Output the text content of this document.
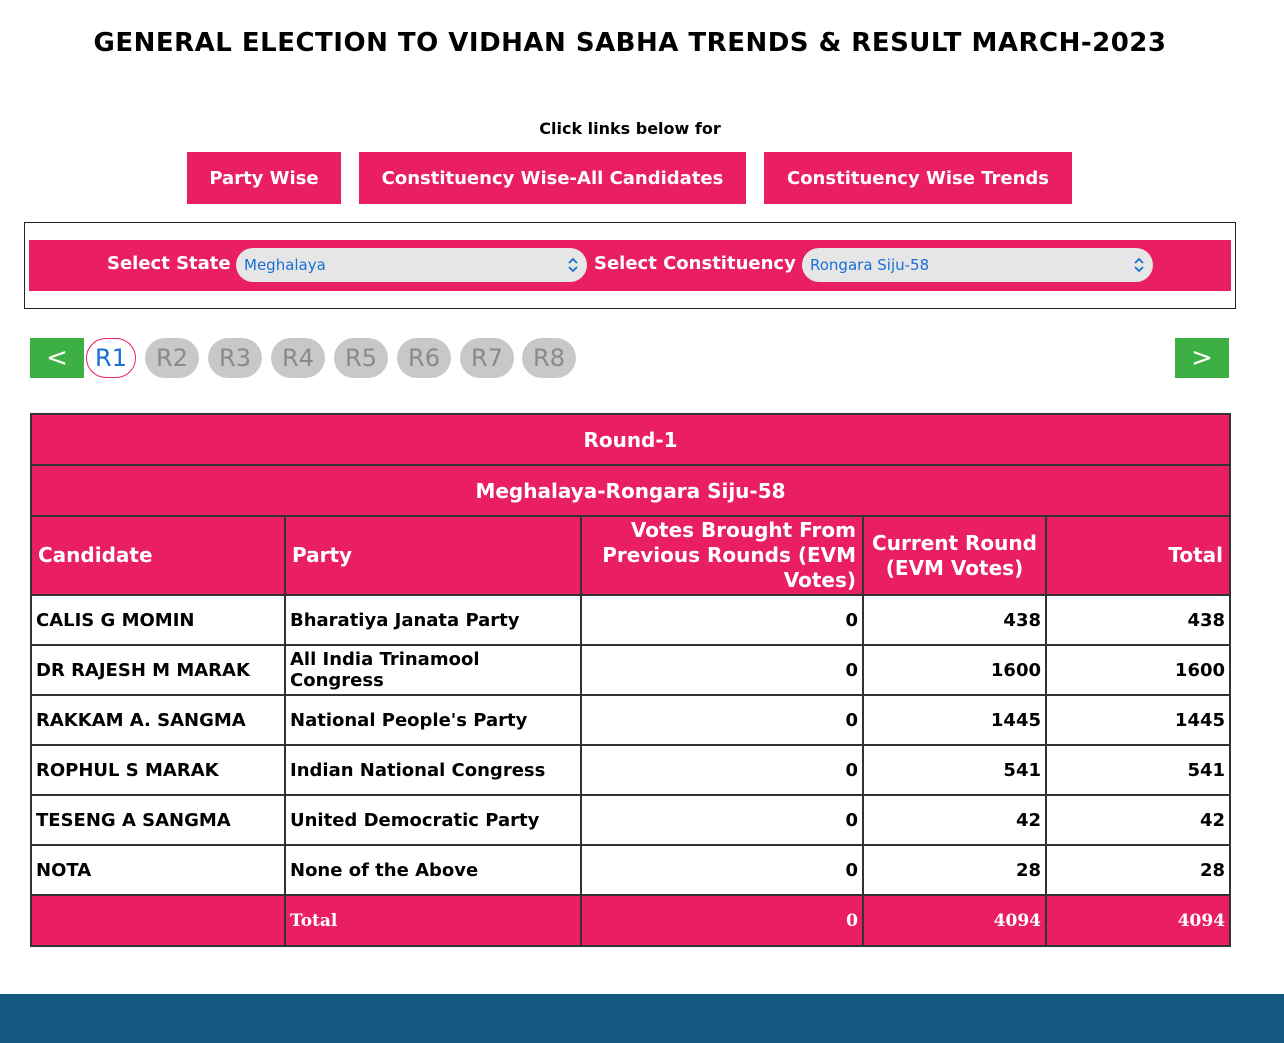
GENERAL ELECTION TO VIDHAN SABHA TRENDS & RESULT MARCH-2023
Click links below for
Party Wise	Constituency Wise-All Candidates	Constituency Wise Trends
Select State Meghalaya	Select Constituency Rongara Siju-58
<	R1	R2	R3	R4	R5	R6	R7	R8	>
Round-1				
Meghalaya-Rongara Siju-58				
Candidate	Party	Votes Brought From Previous Rounds (EVM Votes)	Current Round (EVM Votes)	Total
CALIS G MOMIN	Bharatiya Janata Party	0	438	438
DR RAJESH M MARAK	All India Trinamool Congress	0	1600	1600
RAKKAM A. SANGMA	National People's Party	0	1445	1445
ROPHUL S MARAK	Indian National Congress	0	541	541
TESENG A SANGMA	United Democratic Party	0	42	42
NOTA	None of the Above	0	28	28
	Total	0	4094	4094
